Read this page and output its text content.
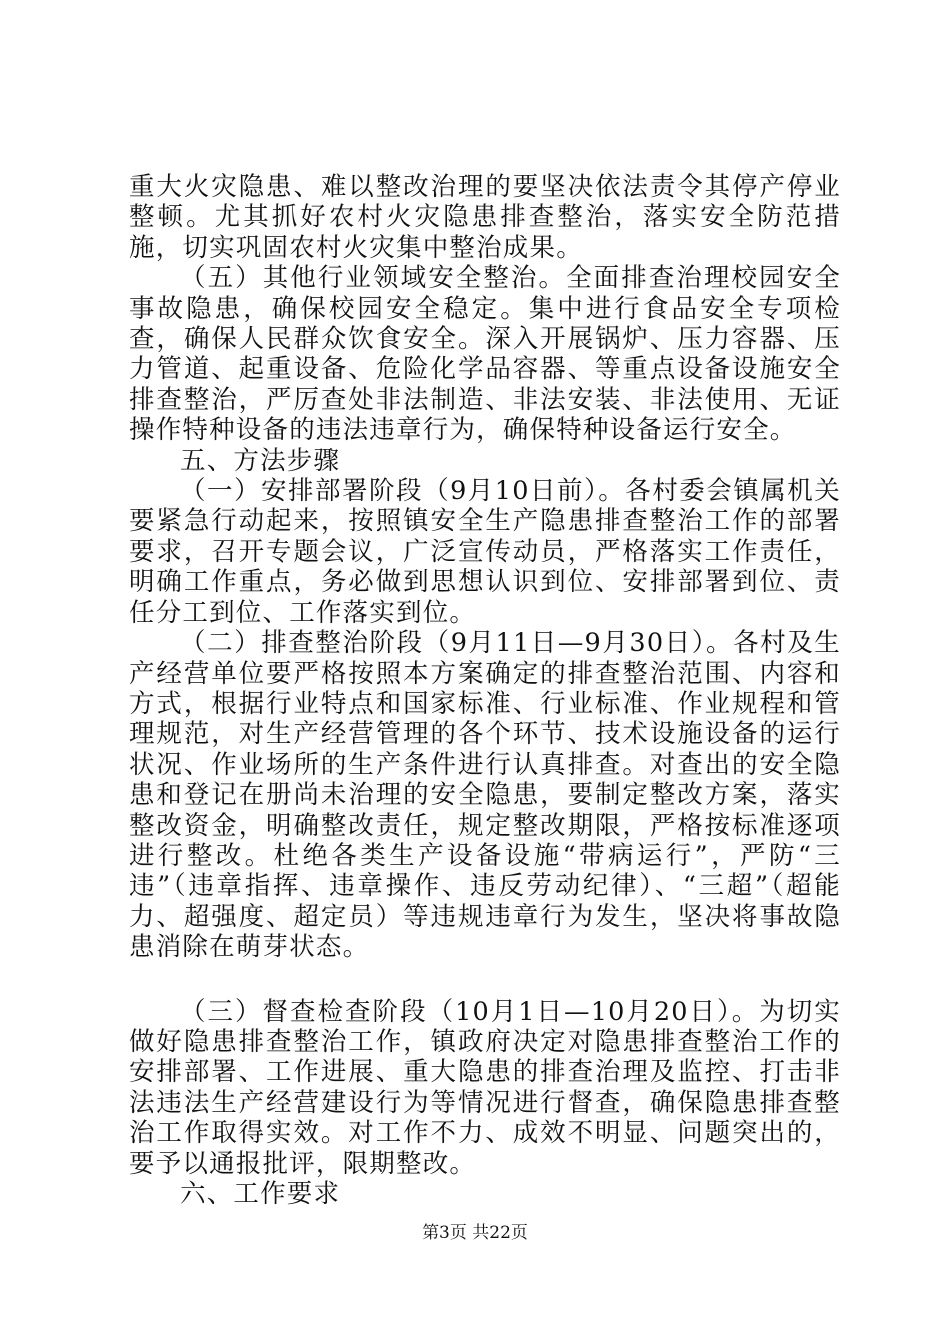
重大火灾隐患、难以整改治理的要坚决依法责令其停产停业整顿。尤其抓好农村火灾隐患排查整治，落实安全防范措施，切实巩固农村火灾集中整治成果。

（五）其他行业领域安全整治。全面排查治理校园安全事故隐患，确保校园安全稳定。集中进行食品安全专项检查，确保人民群众饮食安全。深入开展锅炉、压力容器、压力管道、起重设备、危险化学品容器、等重点设备设施安全排查整治，严厉查处非法制造、非法安装、非法使用、无证操作特种设备的违法违章行为，确保特种设备运行安全。

五、方法步骤

（一）安排部署阶段（9月10日前）。各村委会镇属机关要紧急行动起来，按照镇安全生产隐患排查整治工作的部署要求，召开专题会议，广泛宣传动员，严格落实工作责任，明确工作重点，务必做到思想认识到位、安排部署到位、责任分工到位、工作落实到位。

（二）排查整治阶段（9月11日—9月30日）。各村及生产经营单位要严格按照本方案确定的排查整治范围、内容和方式，根据行业特点和国家标准、行业标准、作业规程和管理规范，对生产经营管理的各个环节、技术设施设备的运行状况、作业场所的生产条件进行认真排查。对查出的安全隐患和登记在册尚未治理的安全隐患，要制定整改方案，落实整改资金，明确整改责任，规定整改期限，严格按标准逐项进行整改。杜绝各类生产设备设施“带病运行”，严防“三违”（违章指挥、违章操作、违反劳动纪律）、“三超”（超能力、超强度、超定员）等违规违章行为发生，坚决将事故隐患消除在萌芽状态。

（三）督查检查阶段（10月1日—10月20日）。为切实做好隐患排查整治工作，镇政府决定对隐患排查整治工作的安排部署、工作进展、重大隐患的排查治理及监控、打击非法违法生产经营建设行为等情况进行督查，确保隐患排查整治工作取得实效。对工作不力、成效不明显、问题突出的，要予以通报批评，限期整改。

六、工作要求

第3页 共22页
